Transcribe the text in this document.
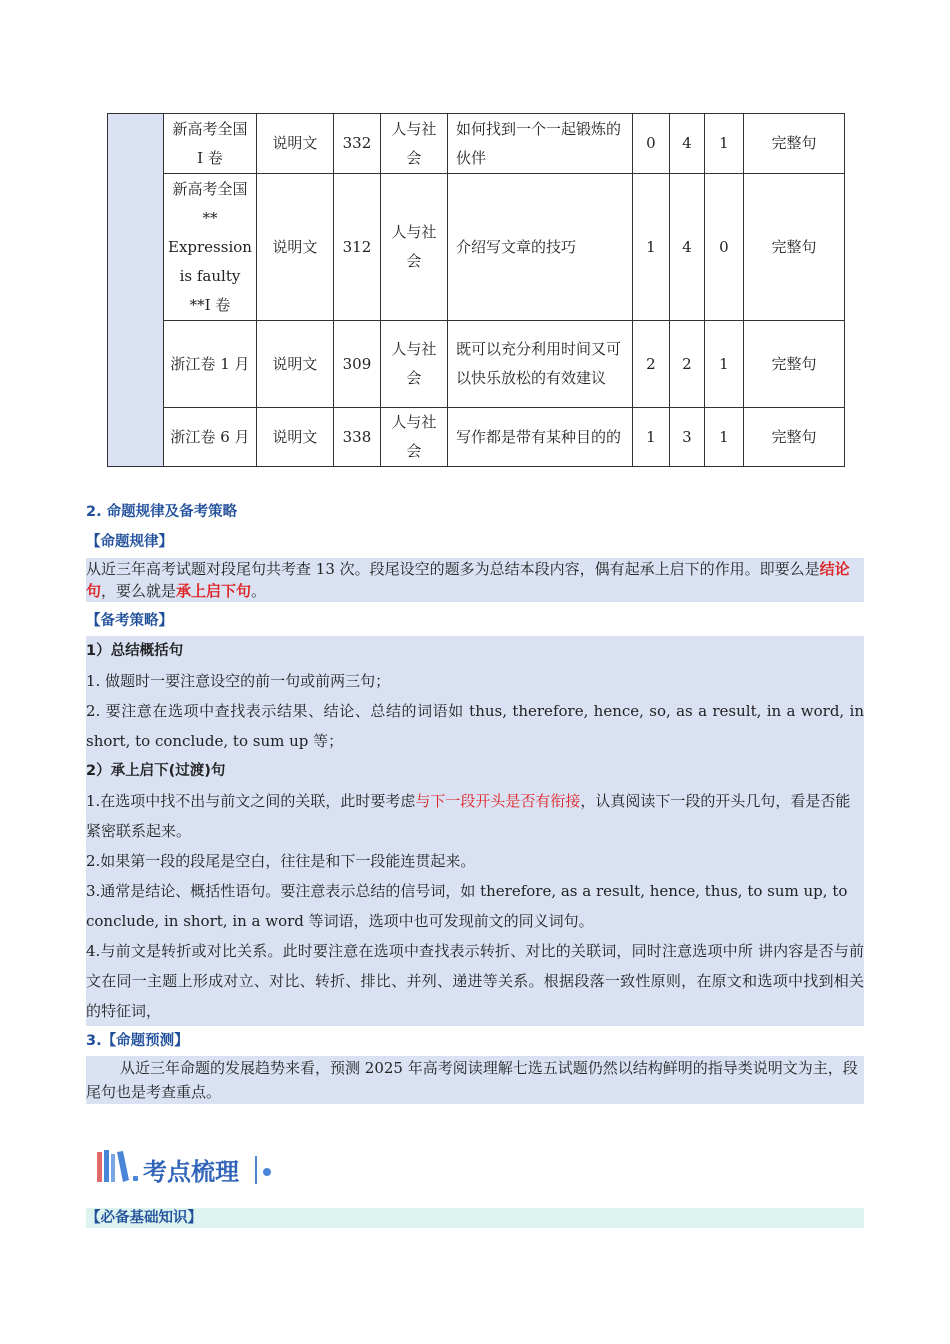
	新高考全国 I 卷	说明文	332	人与社会	如何找到一个一起锻炼的伙伴	0	4	1	完整句
	新高考全国** Expression is faulty **I 卷	说明文	312	人与社会	介绍写文章的技巧	1	4	0	完整句
	浙江卷 1 月	说明文	309	人与社会	既可以充分利用时间又可以快乐放松的有效建议	2	2	1	完整句
	浙江卷 6 月	说明文	338	人与社会	写作都是带有某种目的的	1	3	1	完整句
2. 命题规律及备考策略
【命题规律】
从近三年高考试题对段尾句共考查 13 次。段尾设空的题多为总结本段内容，偶有起承上启下的作用。即要么是结论句，要么就是承上启下句。
【备考策略】

1）总结概括句

1. 做题时一要注意设空的前一句或前两三句；

2. 要注意在选项中查找表示结果、结论、总结的词语如 thus, therefore, hence, so, as a result, in a word, in short, to conclude, to sum up 等；

2）承上启下(过渡)句

1.在选项中找不出与前文之间的关联，此时要考虑与下一段开头是否有衔接，认真阅读下一段的开头几句，看是否能紧密联系起来。

2.如果第一段的段尾是空白，往往是和下一段能连贯起来。

3.通常是结论、概括性语句。要注意表示总结的信号词，如 therefore, as a result, hence, thus, to sum up, to conclude, in short, in a word 等词语，选项中也可发现前文的同义词句。

4.与前文是转折或对比关系。此时要注意在选项中查找表示转折、对比的关联词，同时注意选项中所 讲内容是否与前文在同一主题上形成对立、对比、转折、排比、并列、递进等关系。根据段落一致性原则，在原文和选项中找到相关的特征词，

3.【命题预测】
从近三年命题的发展趋势来看，预测 2025 年高考阅读理解七选五试题仍然以结构鲜明的指导类说明文为主，段尾句也是考查重点。
考点梳理
【必备基础知识】
